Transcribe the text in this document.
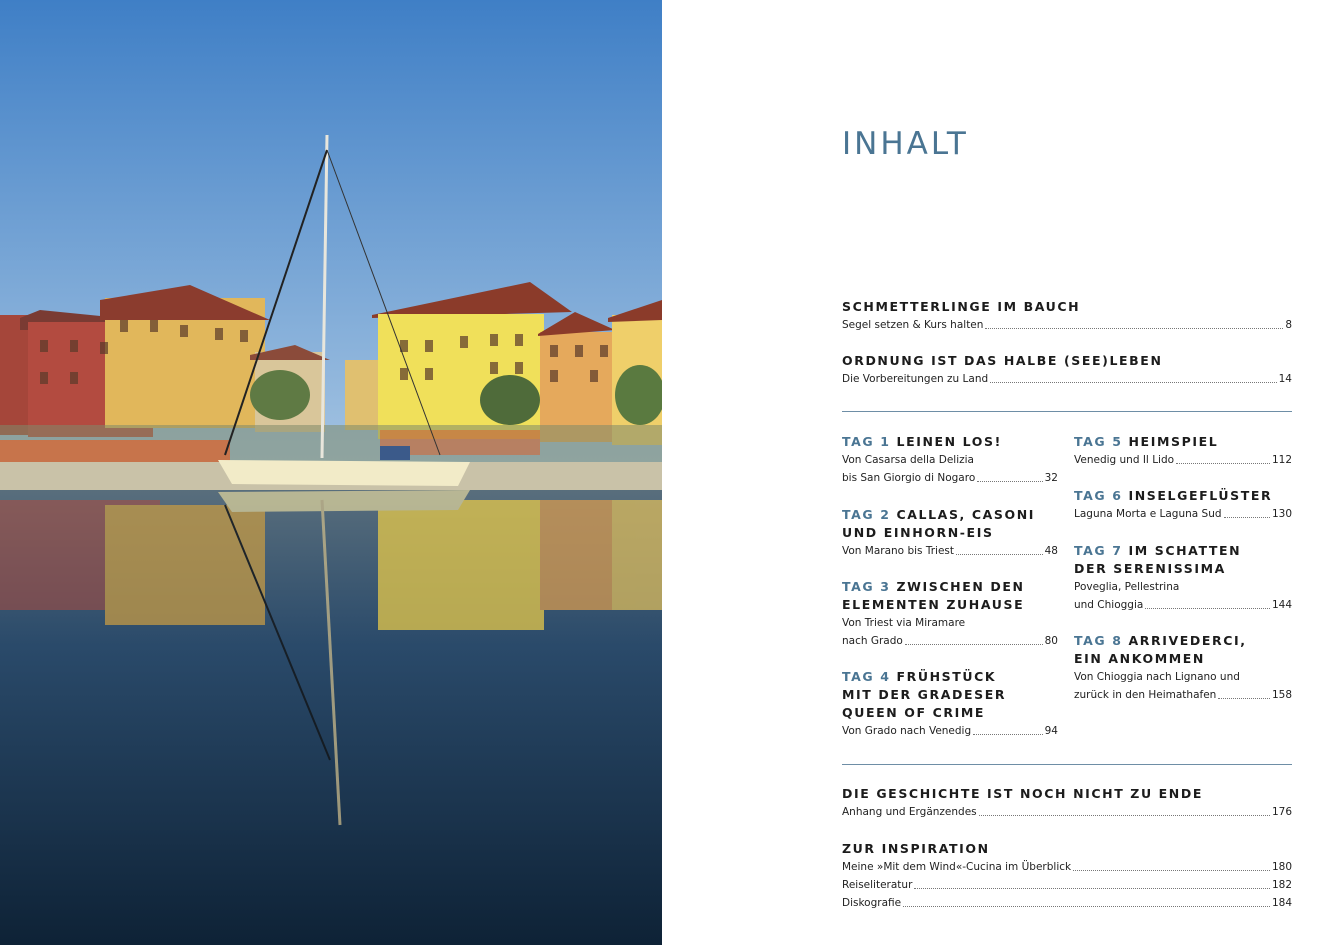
INHALT
SCHMETTERLINGE IM BAUCH
Segel setzen & Kurs halten	8
ORDNUNG IST DAS HALBE (SEE)LEBEN
Die Vorbereitungen zu Land	14
TAG 1 LEINEN LOS!
Von Casarsa della Delizia
bis San Giorgio di Nogaro	32
TAG 2 CALLAS, CASONI
UND EINHORN-EIS
Von Marano bis Triest	48
TAG 3 ZWISCHEN DEN
ELEMENTEN ZUHAUSE
Von Triest via Miramare
nach Grado	80
TAG 4 FRÜHSTÜCK
MIT DER GRADESER
QUEEN OF CRIME
Von Grado nach Venedig	94
TAG 5 HEIMSPIEL
Venedig und Il Lido	112
TAG 6 INSELGEFLÜSTER
Laguna Morta e Laguna Sud	130
TAG 7 IM SCHATTEN
DER SERENISSIMA
Poveglia, Pellestrina
und Chioggia	144
TAG 8 ARRIVEDERCI,
EIN ANKOMMEN
Von Chioggia nach Lignano und
zurück in den Heimathafen	158
DIE GESCHICHTE IST NOCH NICHT ZU ENDE
Anhang und Ergänzendes	176
ZUR INSPIRATION
Meine »Mit dem Wind«-Cucina im Überblick	180
Reiseliteratur	182
Diskografie	184
